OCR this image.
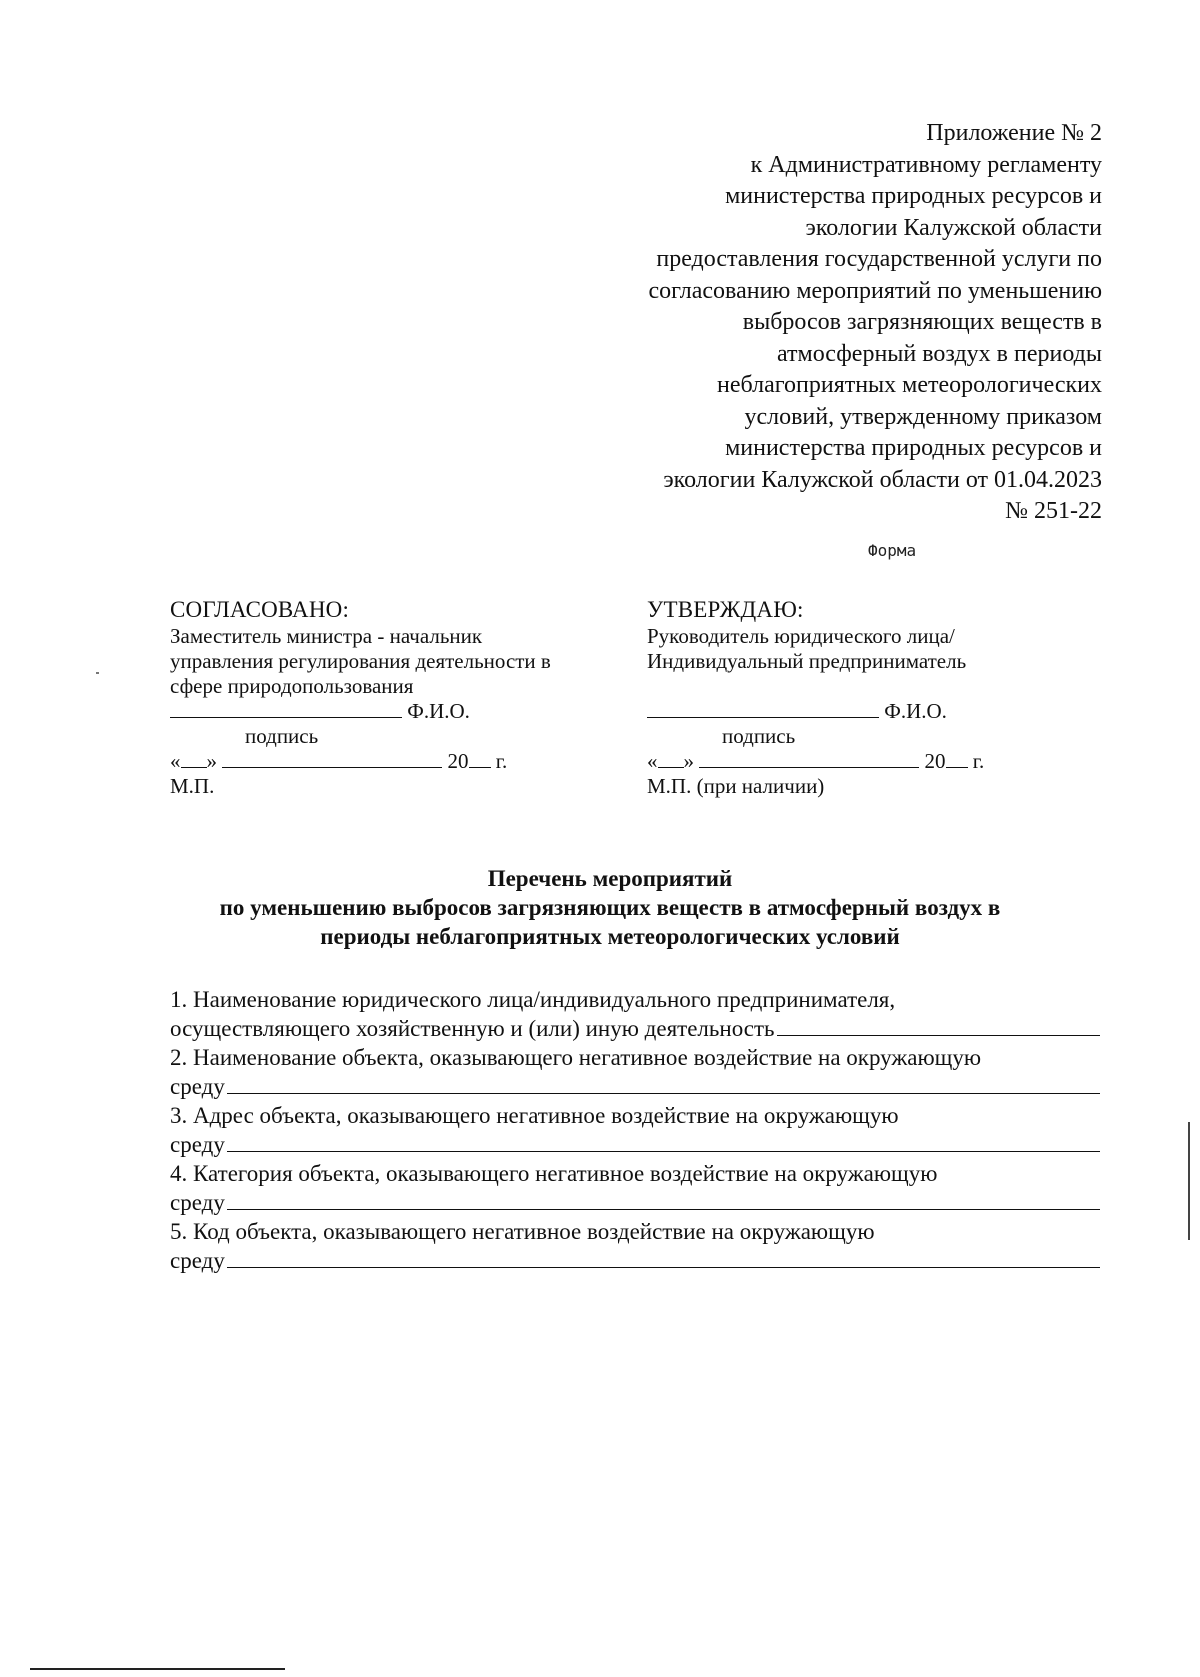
Приложение № 2
к Административному регламенту
министерства природных ресурсов и
экологии Калужской области
предоставления государственной услуги по
согласованию мероприятий по уменьшению
выбросов загрязняющих веществ в
атмосферный воздух в периоды
неблагоприятных метеорологических
условий, утвержденному приказом
министерства природных ресурсов и
экологии Калужской области от 01.04.2023
№ 251-22
Форма
СОГЛАСОВАНО:
Заместитель министра - начальник
управления регулирования деятельности в
сфере природопользования
Ф.И.О.
подпись
« »	20 г.
М.П.
УТВЕРЖДАЮ:
Руководитель юридического лица/
Индивидуальный предприниматель
Ф.И.О.
подпись
« »	20 г.
М.П. (при наличии)
Перечень мероприятий
по уменьшению выбросов загрязняющих веществ в атмосферный воздух в
периоды неблагоприятных метеорологических условий
1. Наименование юридического лица/индивидуального предпринимателя,
осуществляющего хозяйственную и (или) иную деятельность
2. Наименование объекта, оказывающего негативное воздействие на окружающую
среду
3. Адрес объекта, оказывающего негативное воздействие на окружающую
среду
4. Категория объекта, оказывающего негативное воздействие на окружающую
среду
5. Код объекта, оказывающего негативное воздействие на окружающую
среду
